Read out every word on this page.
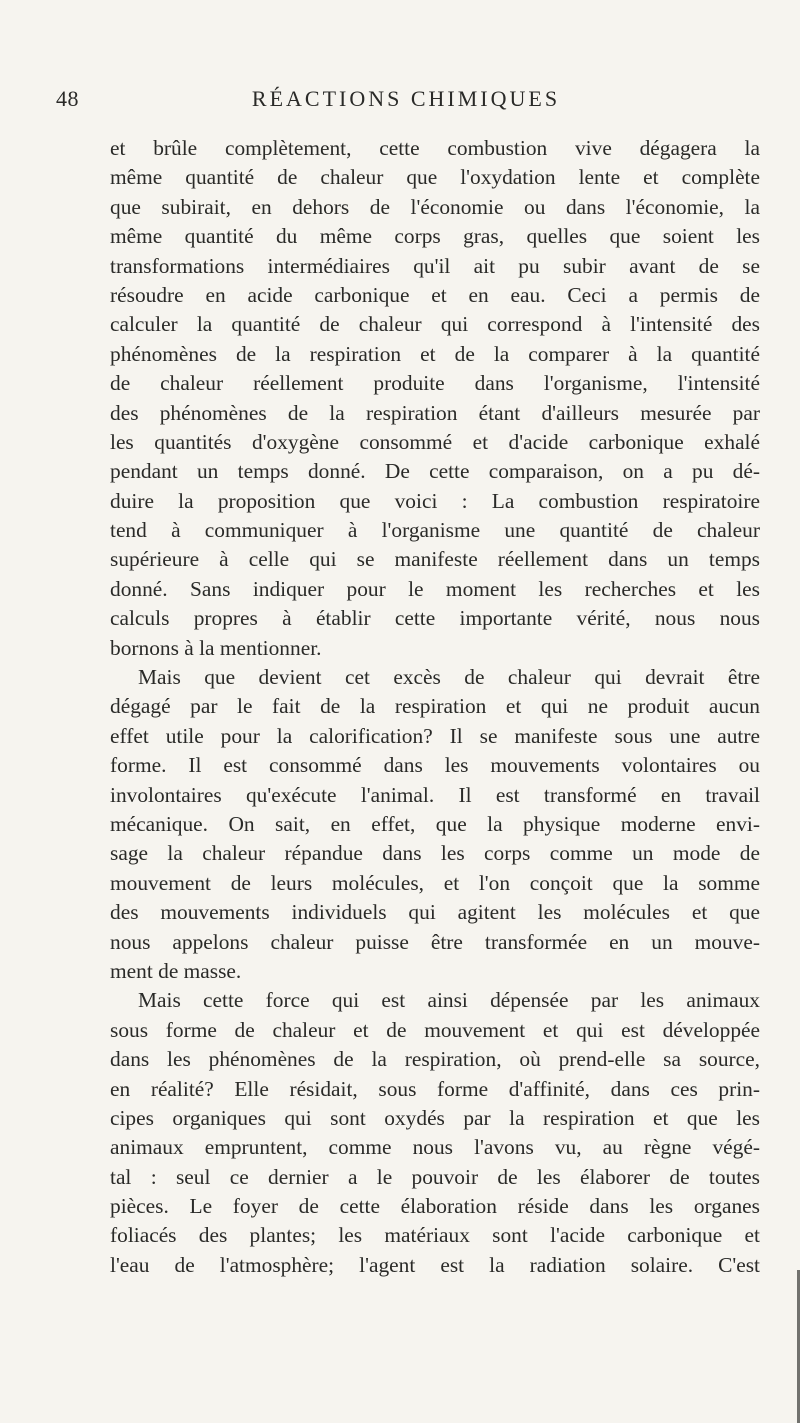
48	RÉACTIONS CHIMIQUES
et brûle complètement, cette combustion vive dégagera la
même quantité de chaleur que l'oxydation lente et complète
que subirait, en dehors de l'économie ou dans l'économie, la
même quantité du même corps gras, quelles que soient les
transformations intermédiaires qu'il ait pu subir avant de se
résoudre en acide carbonique et en eau. Ceci a permis de
calculer la quantité de chaleur qui correspond à l'intensité des
phénomènes de la respiration et de la comparer à la quantité
de chaleur réellement produite dans l'organisme, l'intensité
des phénomènes de la respiration étant d'ailleurs mesurée par
les quantités d'oxygène consommé et d'acide carbonique exhalé
pendant un temps donné. De cette comparaison, on a pu dé-
duire la proposition que voici : La combustion respiratoire
tend à communiquer à l'organisme une quantité de chaleur
supérieure à celle qui se manifeste réellement dans un temps
donné. Sans indiquer pour le moment les recherches et les
calculs propres à établir cette importante vérité, nous nous
bornons à la mentionner.
Mais que devient cet excès de chaleur qui devrait être
dégagé par le fait de la respiration et qui ne produit aucun
effet utile pour la calorification? Il se manifeste sous une autre
forme. Il est consommé dans les mouvements volontaires ou
involontaires qu'exécute l'animal. Il est transformé en travail
mécanique. On sait, en effet, que la physique moderne envi-
sage la chaleur répandue dans les corps comme un mode de
mouvement de leurs molécules, et l'on conçoit que la somme
des mouvements individuels qui agitent les molécules et que
nous appelons chaleur puisse être transformée en un mouve-
ment de masse.
Mais cette force qui est ainsi dépensée par les animaux
sous forme de chaleur et de mouvement et qui est développée
dans les phénomènes de la respiration, où prend-elle sa source,
en réalité? Elle résidait, sous forme d'affinité, dans ces prin-
cipes organiques qui sont oxydés par la respiration et que les
animaux empruntent, comme nous l'avons vu, au règne végé-
tal : seul ce dernier a le pouvoir de les élaborer de toutes
pièces. Le foyer de cette élaboration réside dans les organes
foliacés des plantes; les matériaux sont l'acide carbonique et
l'eau de l'atmosphère; l'agent est la radiation solaire. C'est
